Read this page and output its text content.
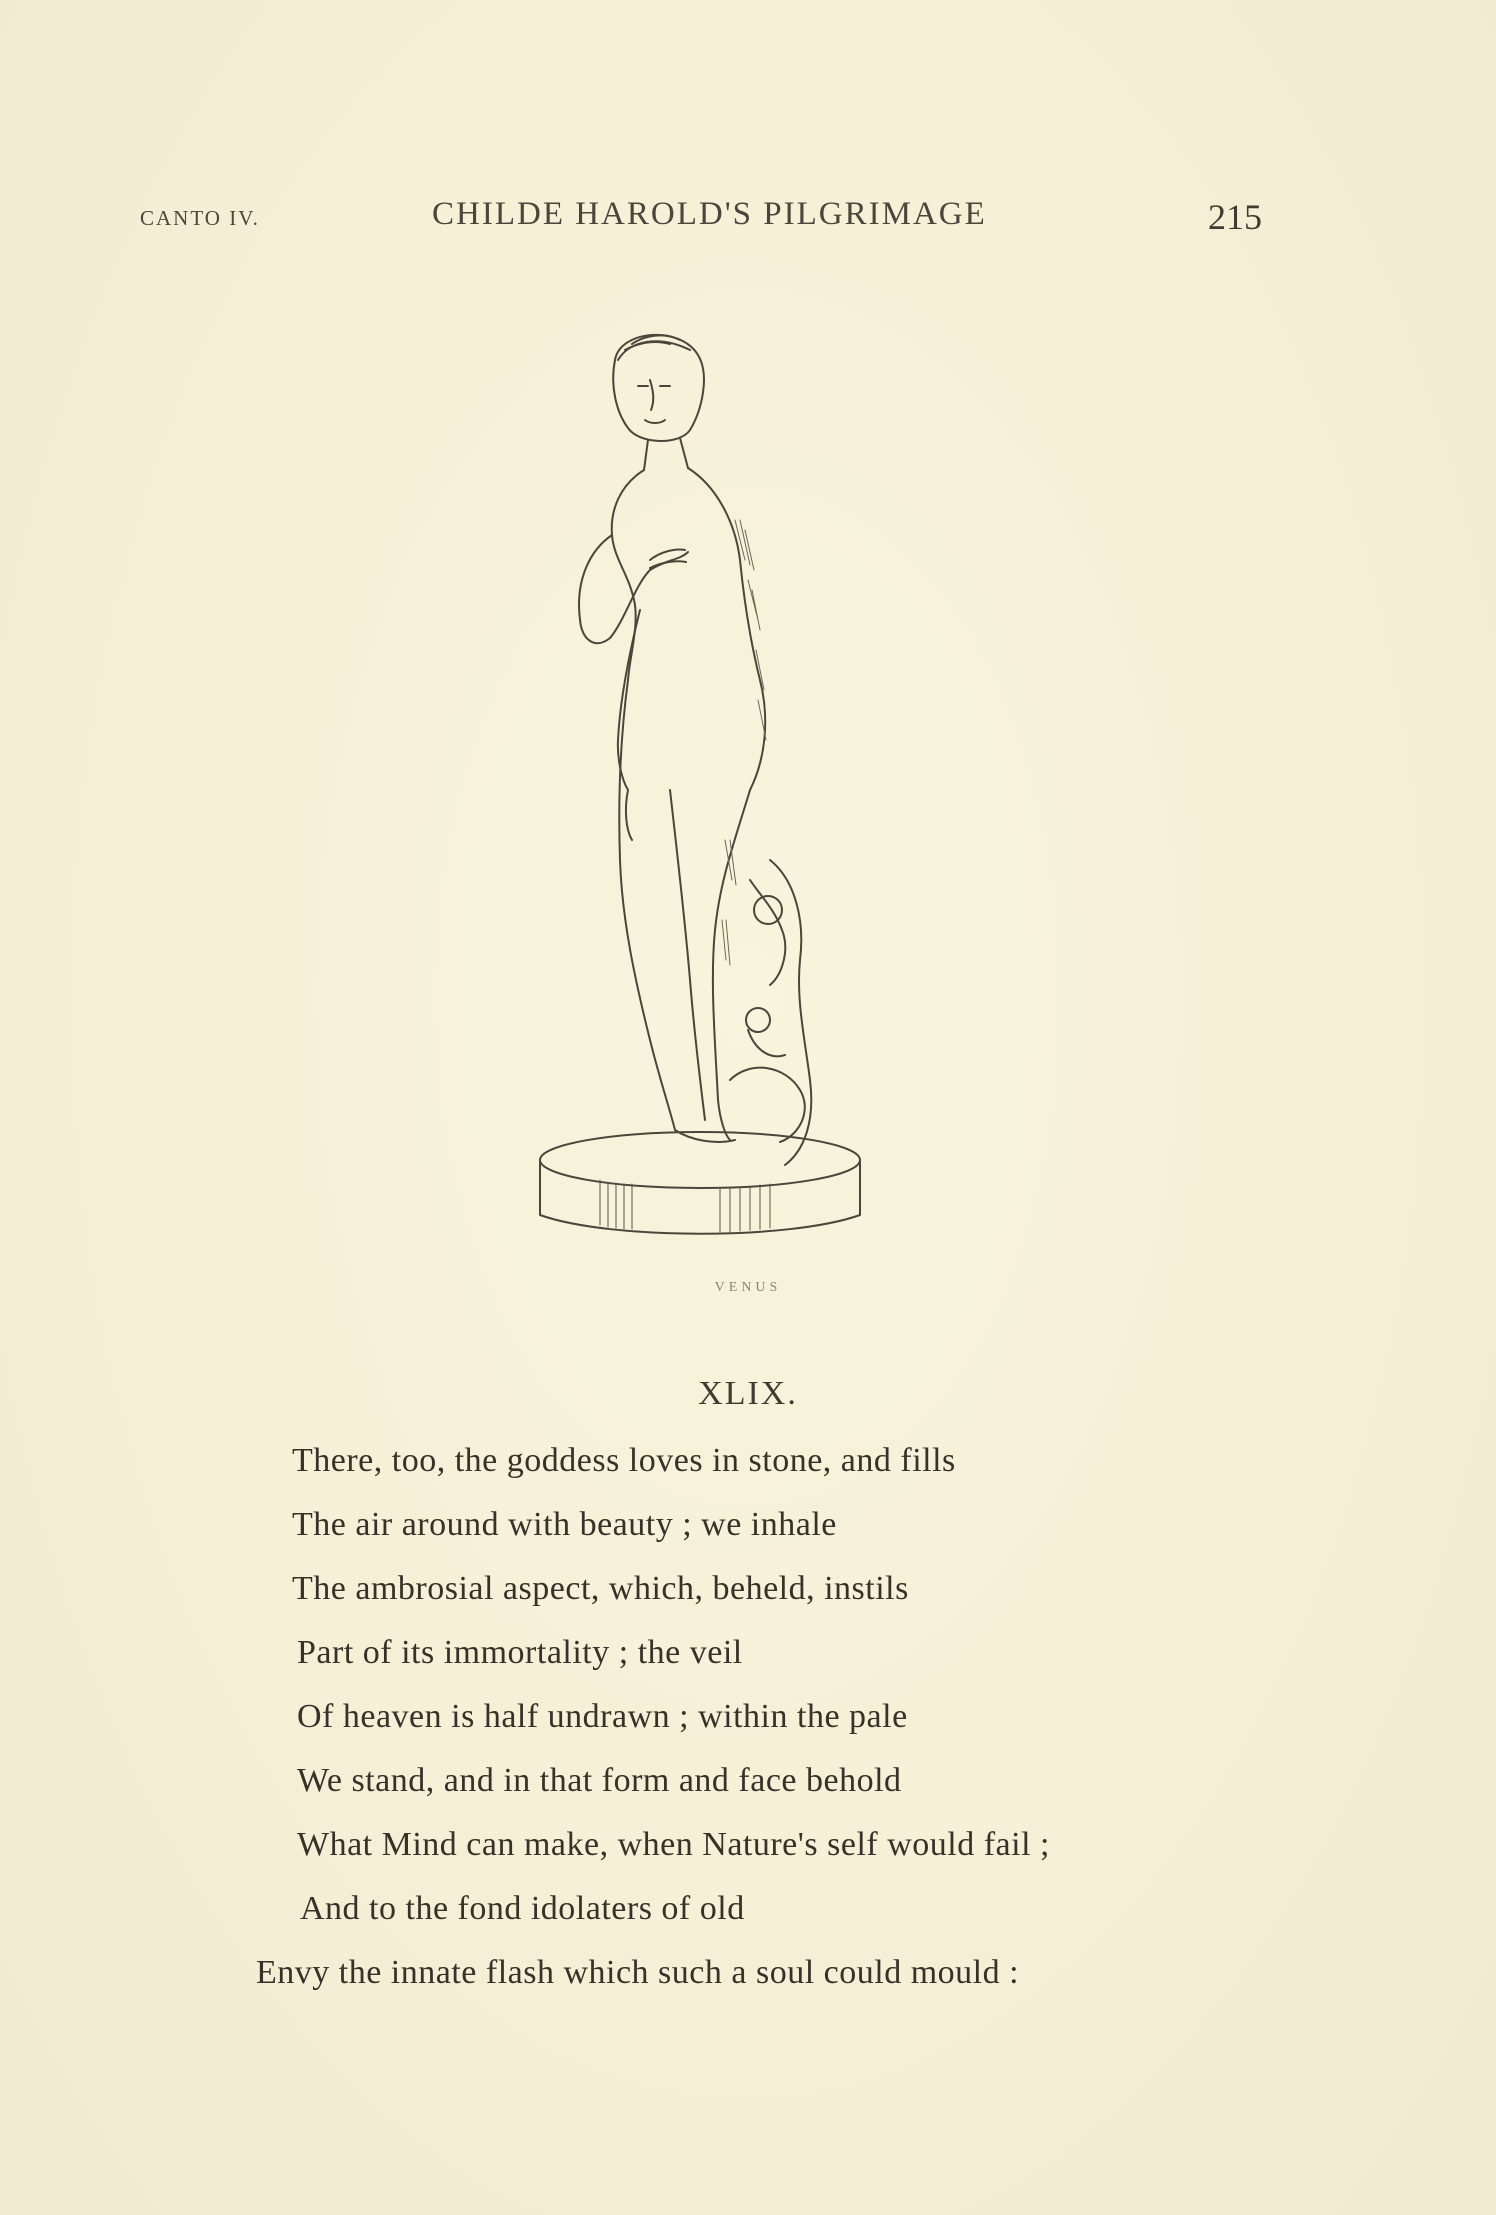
CANTO IV.	CHILDE HAROLD'S PILGRIMAGE	215
VENUS
XLIX.
There, too, the goddess loves in stone, and fills
The air around with beauty ; we inhale
The ambrosial aspect, which, beheld, instils
Part of its immortality ; the veil
Of heaven is half undrawn ; within the pale
We stand, and in that form and face behold
What Mind can make, when Nature's self would fail ;
And to the fond idolaters of old
Envy the innate flash which such a soul could mould :
